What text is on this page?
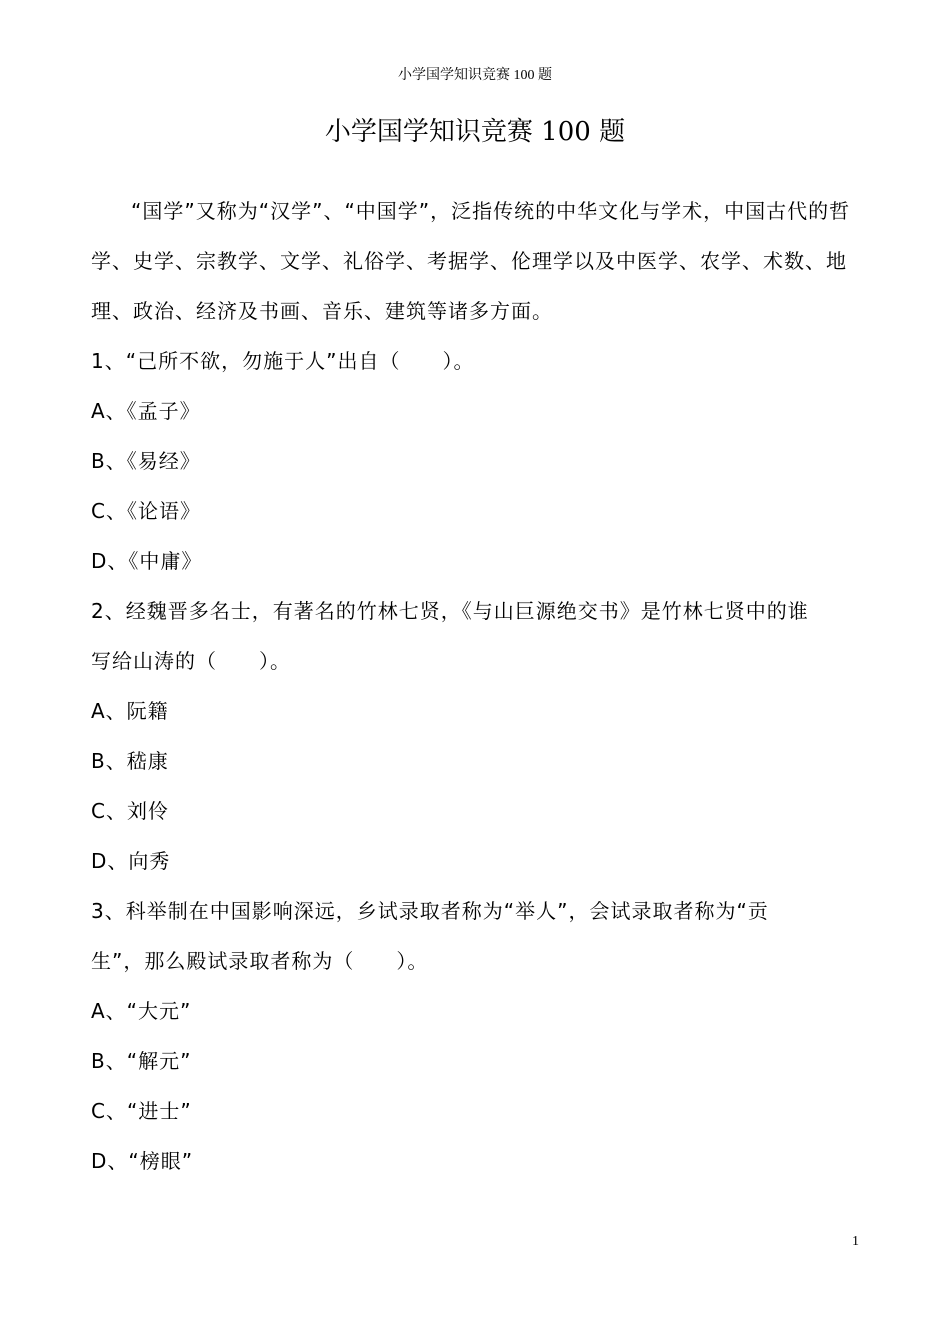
小学国学知识竞赛 100 题
小学国学知识竞赛 100 题
“国学”又称为“汉学”、“中国学”，泛指传统的中华文化与学术，中国古代的哲学、史学、宗教学、文学、礼俗学、考据学、伦理学以及中医学、农学、术数、地理、政治、经济及书画、音乐、建筑等诸多方面。
1、“己所不欲，勿施于人”出自（　　）。
A、《孟子》
B、《易经》
C、《论语》
D、《中庸》
2、经魏晋多名士，有著名的竹林七贤，《与山巨源绝交书》是竹林七贤中的谁
写给山涛的（　　）。
A、阮籍
B、嵇康
C、刘伶
D、向秀
3、科举制在中国影响深远，乡试录取者称为“举人”，会试录取者称为“贡
生”，那么殿试录取者称为（　　）。
A、“大元”
B、“解元”
C、“进士”
D、“榜眼”
1
